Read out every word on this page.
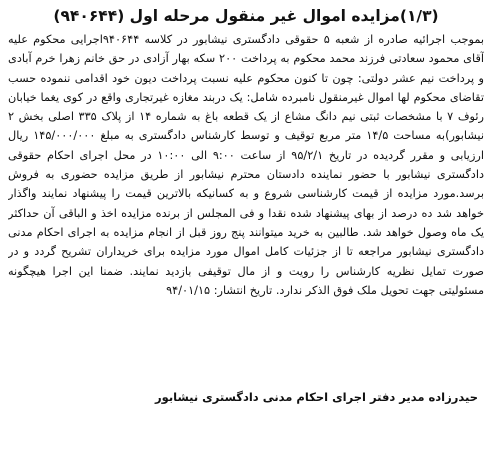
(۱/۳)مزایده اموال غیر منقول مرحله اول (۹۴۰۶۴۴)
بموجب اجرائیه صادره از شعبه ۵ حقوقی دادگستری نیشابور در کلاسه ۹۴۰۶۴۴اجرایی محکوم علیه آقای محمود سعادتی فرزند محمد محکوم به پرداخت ۲۰۰ سکه بهار آزادی در حق خانم زهرا خرم آبادی و پرداخت نیم عشر دولتی: چون تا کنون محکوم علیه نسبت پرداخت دیون خود اقدامی ننموده حسب تقاضای محکوم لها اموال غیرمنقول نامبرده شامل: یک دربند مغازه غیرتجاری واقع در کوی یغما خیابان رئوف ۷ با مشخصات ثبتی نیم دانگ مشاع از یک قطعه باغ به شماره ۱۴ از پلاک ۳۳۵ اصلی بخش ۲ نیشابور)به مساحت ۱۴/۵ متر مربع توقیف و توسط کارشناس دادگستری به مبلغ ۱۴۵/۰۰۰/۰۰۰ ریال ارزیابی و مقرر گردیده در تاریخ ۹۵/۲/۱ از ساعت ۹:۰۰ الی ۱۰:۰۰ در محل اجرای احکام حقوقی دادگستری نیشابور با حضور نماینده دادستان محترم نیشابور از طریق مزایده حضوری به فروش برسد.مورد مزایده از قیمت کارشناسی شروع و به کسانیکه بالاترین قیمت را پیشنهاد نمایند واگذار خواهد شد ده درصد از بهای پیشنهاد شده نقدا و فی المجلس از برنده مزایده اخذ و الباقی آن حداکثر یک ماه وصول خواهد شد. طالبین به خرید میتوانند پنج روز قبل از انجام مزایده به اجرای احکام مدنی دادگستری نیشابور مراجعه تا از جزئیات کامل اموال مورد مزایده برای خریداران تشریح گردد و در صورت تمایل نظریه کارشناس را رویت و از مال توقیفی بازدید نمایند. ضمنا این اجرا هیچگونه مسئولیتی جهت تحویل ملک فوق الذکر ندارد. تاریخ انتشار: ۹۴/۰۱/۱۵
حیدرزاده مدیر دفتر اجرای احکام مدنی دادگستری نیشابور
